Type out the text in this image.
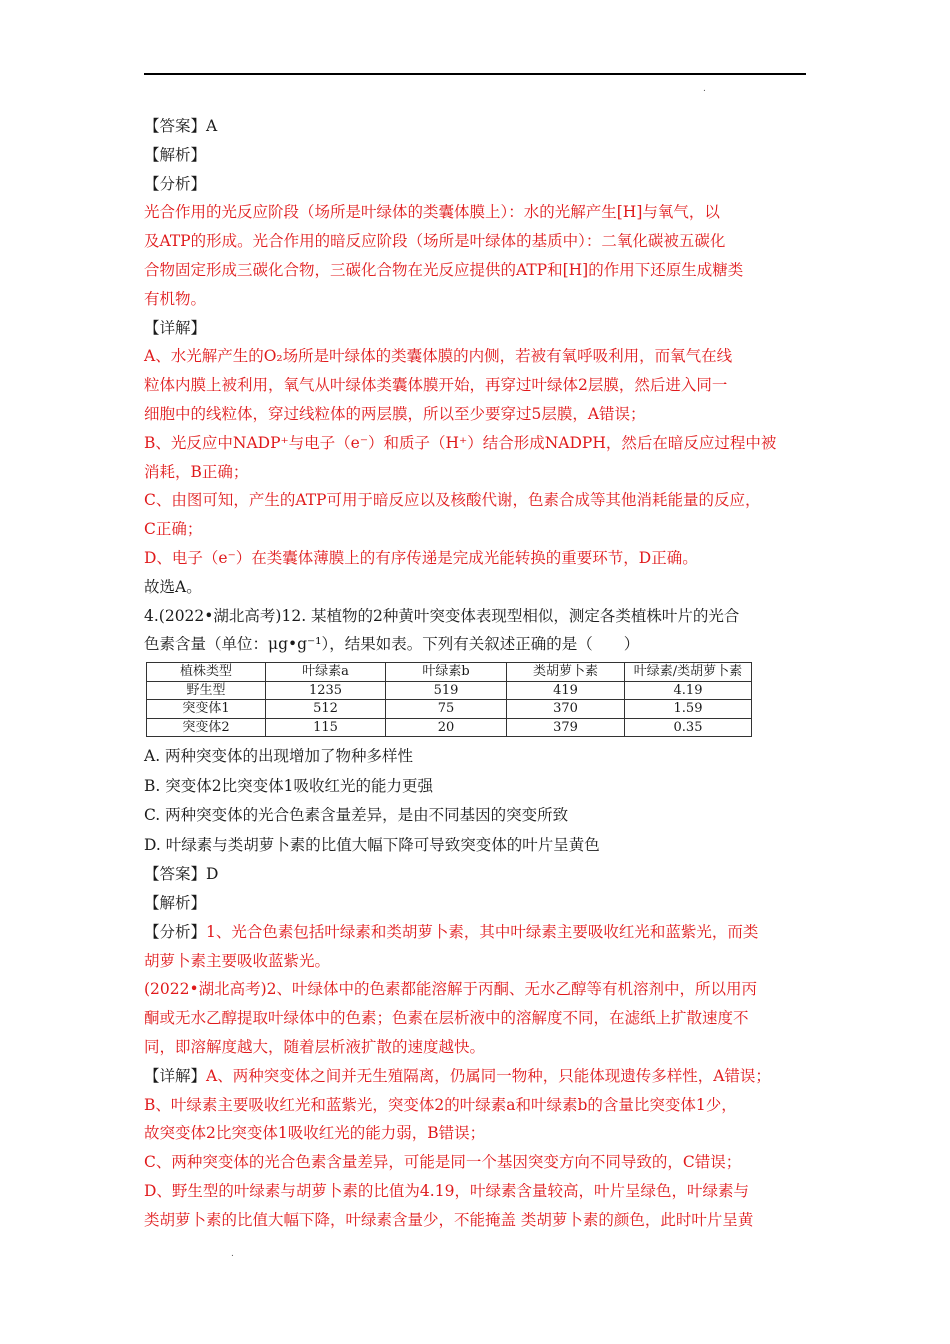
.

【答案】A

【解析】

【分析】

光合作用的光反应阶段（场所是叶绿体的类囊体膜上）：水的光解产生[H]与氧气，以

及ATP的形成。光合作用的暗反应阶段（场所是叶绿体的基质中）：二氧化碳被五碳化

合物固定形成三碳化合物，三碳化合物在光反应提供的ATP和[H]的作用下还原生成糖类

有机物。

【详解】

A、水光解产生的O₂场所是叶绿体的类囊体膜的内侧，若被有氧呼吸利用，而氧气在线

粒体内膜上被利用，氧气从叶绿体类囊体膜开始，再穿过叶绿体2层膜，然后进入同一

细胞中的线粒体，穿过线粒体的两层膜，所以至少要穿过5层膜，A错误；

B、光反应中NADP⁺与电子（e⁻）和质子（H⁺）结合形成NADPH，然后在暗反应过程中被

消耗，B正确；

C、由图可知，产生的ATP可用于暗反应以及核酸代谢，色素合成等其他消耗能量的反应，

C正确；

D、电子（e⁻）在类囊体薄膜上的有序传递是完成光能转换的重要环节，D正确。

故选A。

4.(2022•湖北高考)12. 某植物的2种黄叶突变体表现型相似，测定各类植株叶片的光合

色素含量（单位：μg•g⁻¹），结果如表。下列有关叙述正确的是（　　）

植株类型	叶绿素a	叶绿素b	类胡萝卜素	叶绿素/类胡萝卜素
野生型	1235	519	419	4.19
突变体1	512	75	370	1.59
突变体2	115	20	379	0.35

A. 两种突变体的出现增加了物种多样性

B. 突变体2比突变体1吸收红光的能力更强

C. 两种突变体的光合色素含量差异，是由不同基因的突变所致

D. 叶绿素与类胡萝卜素的比值大幅下降可导致突变体的叶片呈黄色

【答案】D

【解析】

【分析】1、光合色素包括叶绿素和类胡萝卜素，其中叶绿素主要吸收红光和蓝紫光，而类

胡萝卜素主要吸收蓝紫光。

(2022•湖北高考)2、叶绿体中的色素都能溶解于丙酮、无水乙醇等有机溶剂中，所以用丙

酮或无水乙醇提取叶绿体中的色素；色素在层析液中的溶解度不同，在滤纸上扩散速度不

同，即溶解度越大，随着层析液扩散的速度越快。

【详解】A、两种突变体之间并无生殖隔离，仍属同一物种，只能体现遗传多样性，A错误；

B、叶绿素主要吸收红光和蓝紫光，突变体2的叶绿素a和叶绿素b的含量比突变体1少，

故突变体2比突变体1吸收红光的能力弱，B错误；

C、两种突变体的光合色素含量差异，可能是同一个基因突变方向不同导致的，C错误；

D、野生型的叶绿素与胡萝卜素的比值为4.19，叶绿素含量较高，叶片呈绿色，叶绿素与

类胡萝卜素的比值大幅下降，叶绿素含量少，不能掩盖 类胡萝卜素的颜色，此时叶片呈黄

.
